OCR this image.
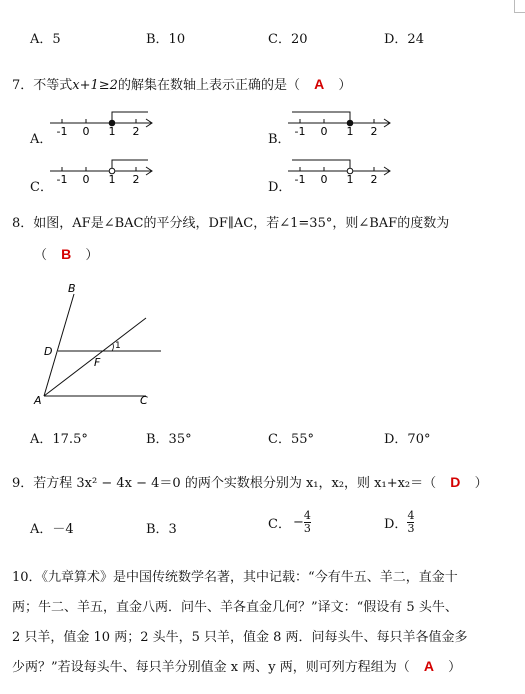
A．5	B．10	C．20	D．24
7．不等式x+1≥2的解集在数轴上表示正确的是（ A ）
A．	B．
C．	D．
-1 0 1 2	-1 0 1 2
-1 0 1 2	-1 0 1 2
8．如图，AF是∠BAC的平分线，DF∥AC，若∠1=35°，则∠BAF的度数为
（ B ）
B
D
F
A	C
1
A．17.5°	B．35°	C．55°	D．70°
9．若方程 3x² − 4x − 4＝0 的两个实数根分别为 x₁，x₂，则 x₁+x₂＝（ D ）
A．－4	B．3	C． − $\frac{4}{3}$	D． $\frac{4}{3}$
10．《九章算术》是中国传统数学名著，其中记载：“今有牛五、羊二，直金十
两；牛二、羊五，直金八两．问牛、羊各直金几何？”译文：“假设有 5 头牛、
2 只羊，值金 10 两；2 头牛，5 只羊，值金 8 两．问每头牛、每只羊各值金多
少两？”若设每头牛、每只羊分别值金 x 两、y 两，则可列方程组为（ A ）
